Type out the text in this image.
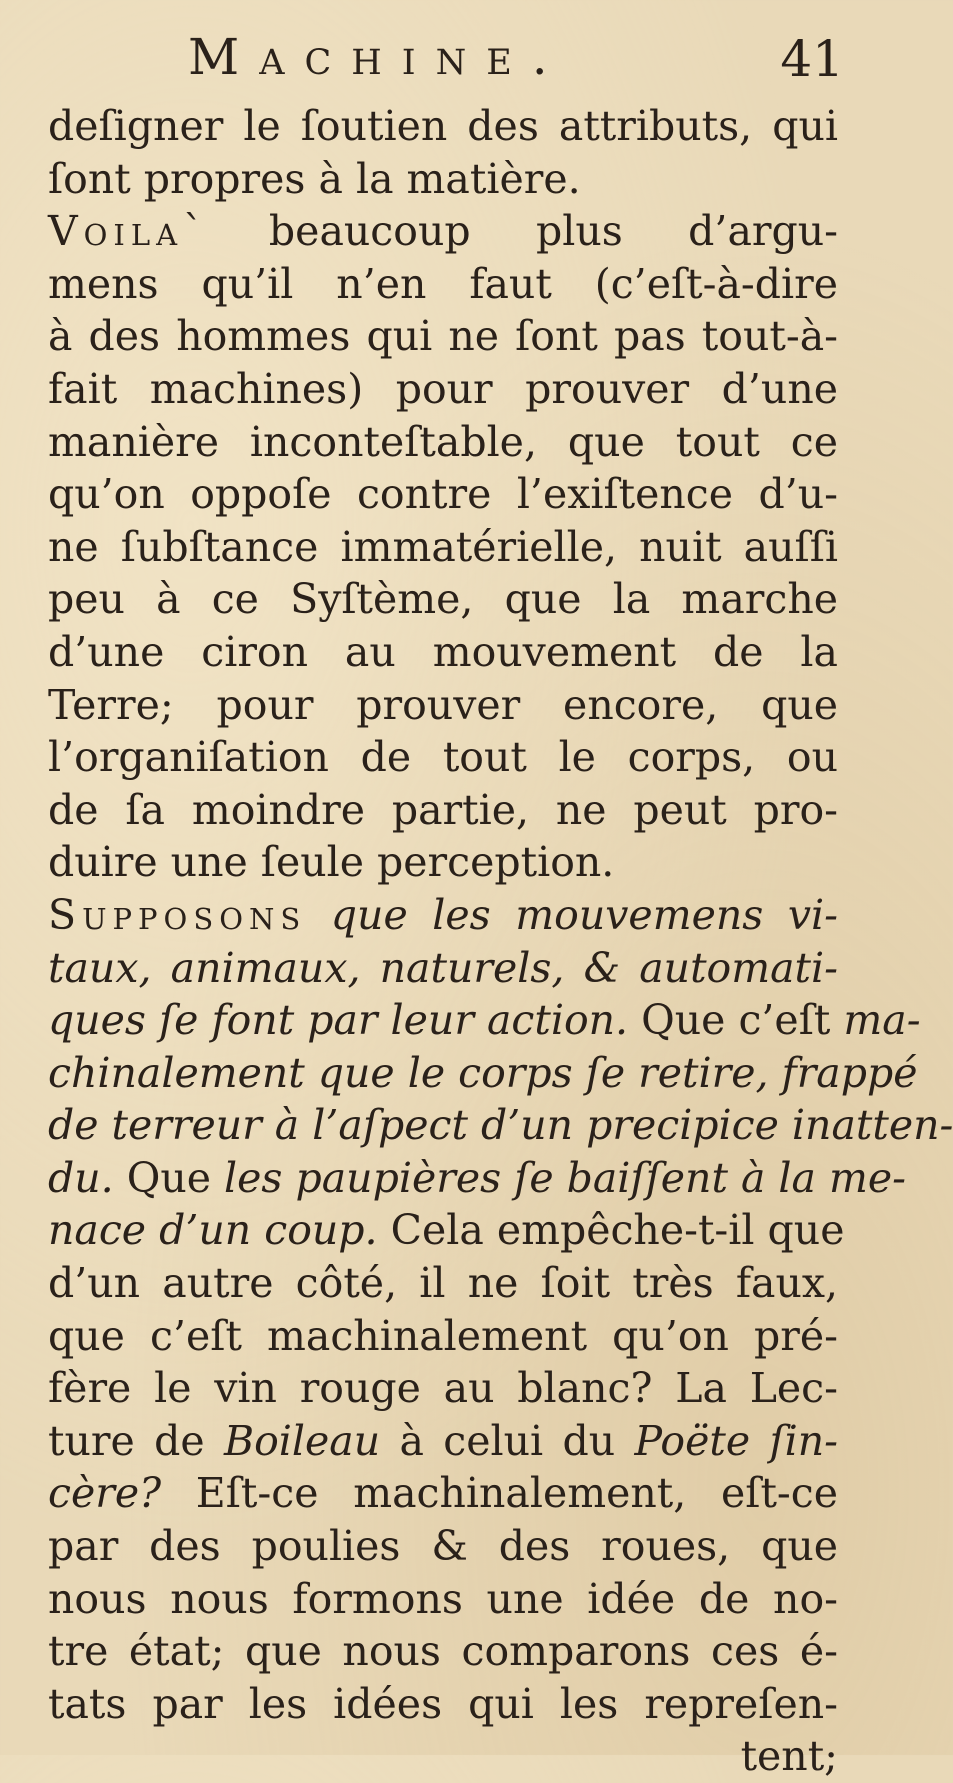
Machine.	41
deſigner le ſoutien des attributs, qui
ſont propres à la matière.
Voila` beaucoup plus d’argu-
mens qu’il n’en faut (c’eſt-à-dire
à des hommes qui ne ſont pas tout-à-
fait machines) pour prouver d’une
manière inconteſtable, que tout ce
qu’on oppoſe contre l’exiſtence d’u-
ne ſubſtance immatérielle, nuit auſſi
peu à ce Syſtème, que la marche
d’une ciron au mouvement de la
Terre; pour prouver encore, que
l’organiſation de tout le corps, ou
de ſa moindre partie, ne peut pro-
duire une ſeule perception.
Supposons que les mouvemens vi-
taux, animaux, naturels, & automati-
ques ſe font par leur action. Que c’eſt ma-
chinalement que le corps ſe retire, frappé
de terreur à l’aſpect d’un precipice inatten-
du. Que les paupières ſe baiſſent à la me-
nace d’un coup. Cela empêche-t-il que
d’un autre côté, il ne ſoit très faux,
que c’eſt machinalement qu’on pré-
fère le vin rouge au blanc? La Lec-
ture de Boileau à celui du Poëte ſin-
cère? Eſt-ce machinalement, eſt-ce
par des poulies & des roues, que
nous nous formons une idée de no-
tre état; que nous comparons ces é-
tats par les idées qui les repreſen-
tent;
